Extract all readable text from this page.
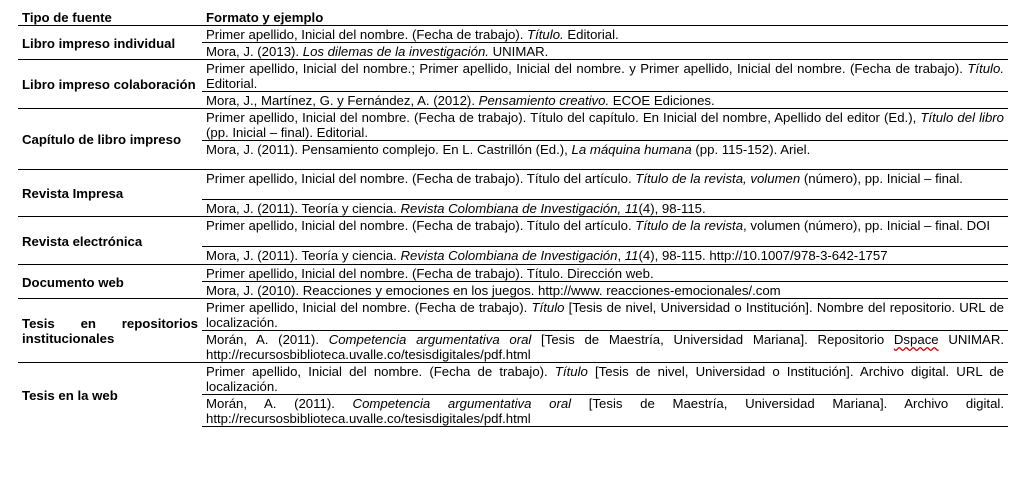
Tipo de fuente	Formato y ejemplo
Libro impreso individual	Primer apellido, Inicial del nombre. (Fecha de trabajo). Título. Editorial.
	Mora, J. (2013). Los dilemas de la investigación. UNIMAR.
Libro impreso colaboración	Primer apellido, Inicial del nombre.; Primer apellido, Inicial del nombre. y Primer apellido, Inicial del nombre. (Fecha de trabajo). Título. Editorial.
	Mora, J., Martínez, G. y Fernández, A. (2012). Pensamiento creativo. ECOE Ediciones.
Capítulo de libro impreso	Primer apellido, Inicial del nombre. (Fecha de trabajo). Título del capítulo. En Inicial del nombre, Apellido del editor (Ed.), Título del libro (pp. Inicial – final). Editorial.
	Mora, J. (2011). Pensamiento complejo. En L. Castrillón (Ed.), La máquina humana (pp. 115-152). Ariel.
Revista Impresa	Primer apellido, Inicial del nombre. (Fecha de trabajo). Título del artículo. Título de la revista, volumen (número), pp. Inicial – final.
	Mora, J. (2011). Teoría y ciencia. Revista Colombiana de Investigación, 11(4), 98-115.
Revista electrónica	Primer apellido, Inicial del nombre. (Fecha de trabajo). Título del artículo. Título de la revista, volumen (número), pp. Inicial – final. DOI
	Mora, J. (2011). Teoría y ciencia. Revista Colombiana de Investigación, 11(4), 98-115. http://10.1007/978-3-642-1757
Documento web	Primer apellido, Inicial del nombre. (Fecha de trabajo). Título. Dirección web.
	Mora, J. (2010). Reacciones y emociones en los juegos. http://www. reacciones-emocionales/.com
Tesis en repositorios institucionales	Primer apellido, Inicial del nombre. (Fecha de trabajo). Título [Tesis de nivel, Universidad o Institución]. Nombre del repositorio. URL de localización.
	Morán, A. (2011). Competencia argumentativa oral [Tesis de Maestría, Universidad Mariana]. Repositorio Dspace UNIMAR. http://recursosbiblioteca.uvalle.co/tesisdigitales/pdf.html
Tesis en la web	Primer apellido, Inicial del nombre. (Fecha de trabajo). Título [Tesis de nivel, Universidad o Institución]. Archivo digital. URL de localización.
	Morán, A. (2011). Competencia argumentativa oral [Tesis de Maestría, Universidad Mariana]. Archivo digital. http://recursosbiblioteca.uvalle.co/tesisdigitales/pdf.html
